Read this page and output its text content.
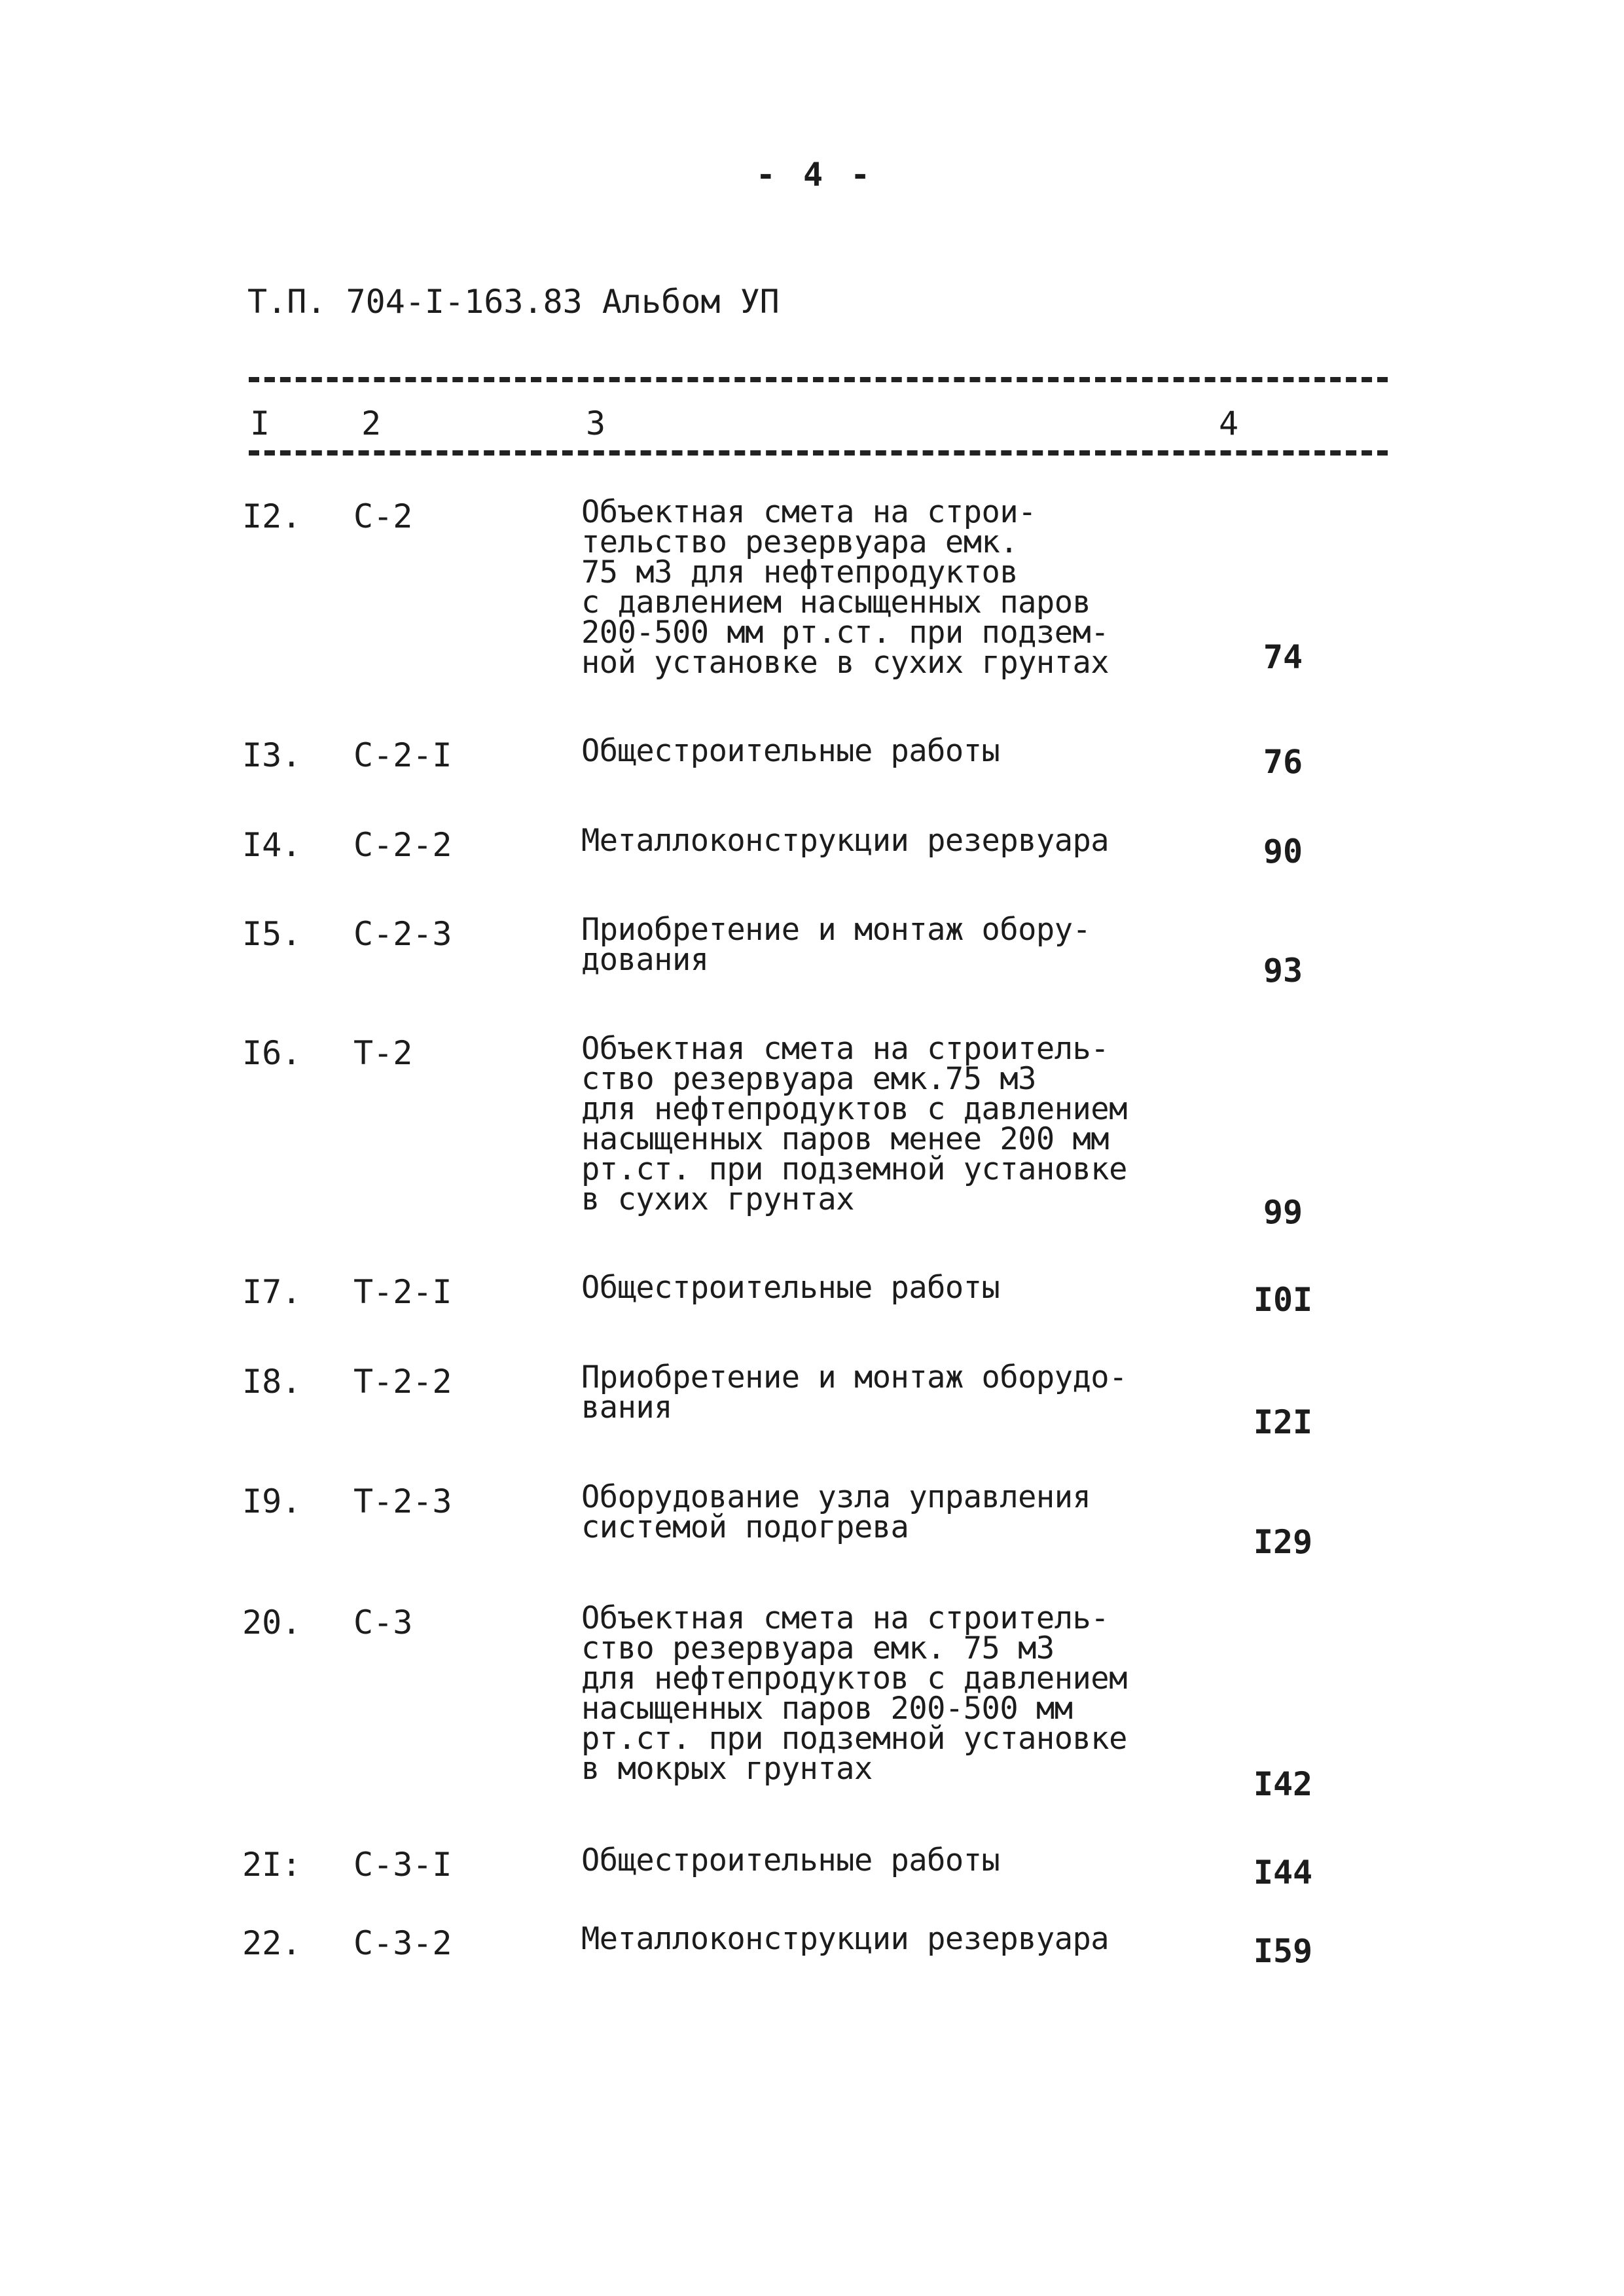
- 4 -
Т.П. 704-I-163.83 Альбом УП
I	2	3	4
I2. С-2	Объектная смета на строи-
тельство резервуара емк.
75 м3 для нефтепродуктов
с давлением насыщенных паров
200-500 мм рт.ст. при подзем-
ной установке в сухих грунтах	74
I3. С-2-I	Общестроительные работы	76
I4. С-2-2	Металлоконструкции резервуара	90
I5. С-2-3	Приобретение и монтаж обору-
дования	93
I6. Т-2	Объектная смета на строитель-
ство резервуара емк.75 м3
для нефтепродуктов с давлением
насыщенных паров менее 200 мм
рт.ст. при подземной установке
в сухих грунтах	99
I7. Т-2-I	Общестроительные работы	I0I
I8. Т-2-2	Приобретение и монтаж оборудо-
вания	I2I
I9. Т-2-3	Оборудование узла управления
системой подогрева	I29
20. С-3	Объектная смета на строитель-
ство резервуара емк. 75 м3
для нефтепродуктов с давлением
насыщенных паров 200-500 мм
рт.ст. при подземной установке
в мокрых грунтах	I42
2I: С-3-I	Общестроительные работы	I44
22. С-3-2	Металлоконструкции резервуара	I59
